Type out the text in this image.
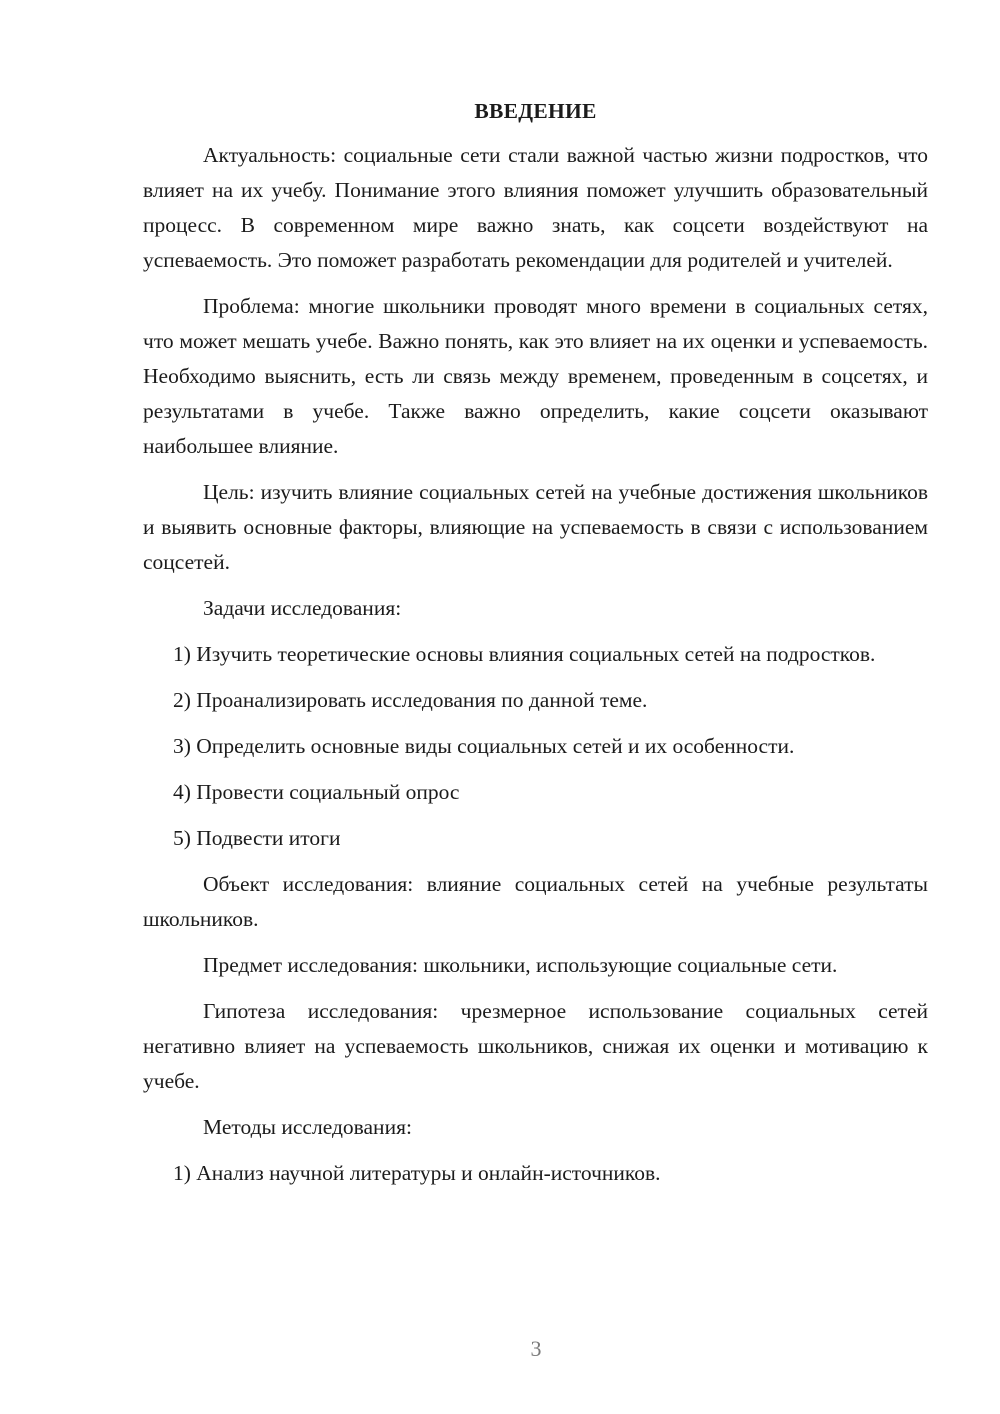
ВВЕДЕНИЕ

Актуальность: социальные сети стали важной частью жизни подростков, что влияет на их учебу. Понимание этого влияния поможет улучшить образовательный процесс. В современном мире важно знать, как соцсети воздействуют на успеваемость. Это поможет разработать рекомендации для родителей и учителей.

Проблема: многие школьники проводят много времени в социальных сетях, что может мешать учебе. Важно понять, как это влияет на их оценки и успеваемость. Необходимо выяснить, есть ли связь между временем, проведенным в соцсетях, и результатами в учебе. Также важно определить, какие соцсети оказывают наибольшее влияние.

Цель: изучить влияние социальных сетей на учебные достижения школьников и выявить основные факторы, влияющие на успеваемость в связи с использованием соцсетей.

Задачи исследования:

1) Изучить теоретические основы влияния социальных сетей на подростков.

2) Проанализировать исследования по данной теме.

3) Определить основные виды социальных сетей и их особенности.

4) Провести социальный опрос

5) Подвести итоги

Объект исследования: влияние социальных сетей на учебные результаты школьников.

Предмет исследования: школьники, использующие социальные сети.

Гипотеза исследования: чрезмерное использование социальных сетей негативно влияет на успеваемость школьников, снижая их оценки и мотивацию к учебе.

Методы исследования:

1) Анализ научной литературы и онлайн-источников.

3
